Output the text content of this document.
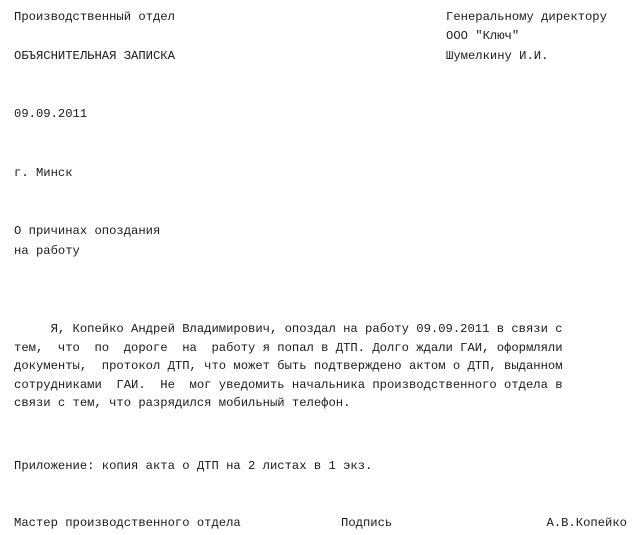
Производственный отдел	Генеральному директору
ООО "Ключ"
ОБЪЯСНИТЕЛЬНАЯ ЗАПИСКА	Шумелкину И.И.
09.09.2011
г. Минск
О причинах опоздания
на работу
Я, Копейко Андрей Владимирович, опоздал на работу 09.09.2011 в связи с
тем,  что  по  дороге  на  работу я попал в ДТП. Долго ждали ГАИ, оформляли
документы,  протокол ДТП, что может быть подтверждено актом о ДТП, выданном
сотрудниками  ГАИ.  Не  мог уведомить начальника производственного отдела в
связи с тем, что разрядился мобильный телефон.
Приложение: копия акта о ДТП на 2 листах в 1 экз.
Мастер производственного отдела	Подпись	А.В.Копейко
